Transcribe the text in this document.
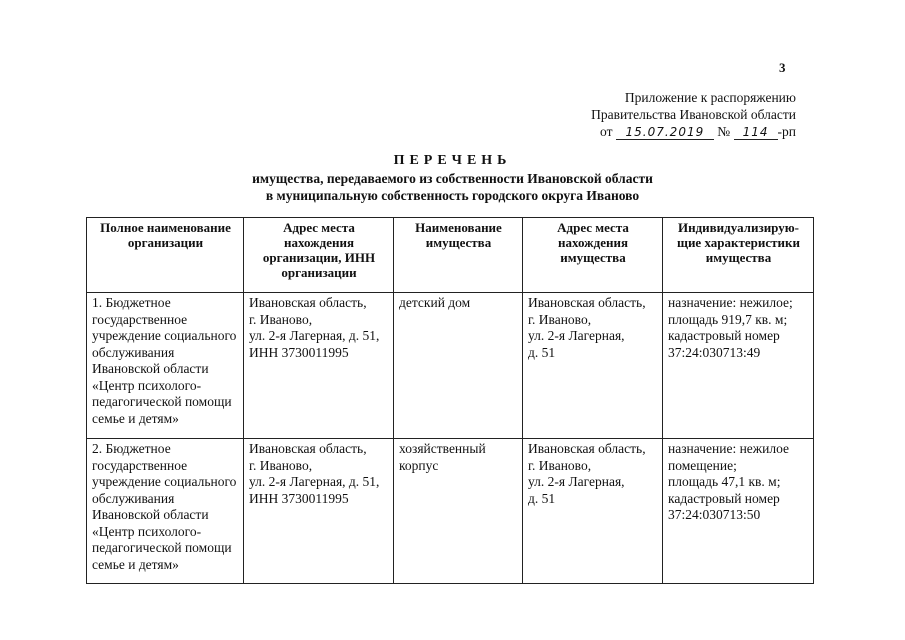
3
Приложение к распоряжению
Правительства Ивановской области
от 15.07.2019 № 114 -рп
ПЕРЕЧЕНЬ
имущества, передаваемого из собственности Ивановской области
в муниципальную собственность городского округа Иваново
Полное наименование организации	Адрес места нахождения организации, ИНН организации	Наименование имущества	Адрес места нахождения имущества	Индивидуализирую-щие характеристики имущества
1. Бюджетное государственное учреждение социального обслуживания Ивановской области «Центр психолого-педагогической помощи семье и детям»	Ивановская область,
г. Иваново,
ул. 2-я Лагерная, д. 51,
ИНН 3730011995	детский дом	Ивановская область,
г. Иваново,
ул. 2-я Лагерная,
д. 51	назначение: нежилое;
площадь 919,7 кв. м;
кадастровый номер
37:24:030713:49
2. Бюджетное государственное учреждение социального обслуживания Ивановской области «Центр психолого-педагогической помощи семье и детям»	Ивановская область,
г. Иваново,
ул. 2-я Лагерная, д. 51,
ИНН 3730011995	хозяйственный корпус	Ивановская область,
г. Иваново,
ул. 2-я Лагерная,
д. 51	назначение: нежилое помещение;
площадь 47,1 кв. м;
кадастровый номер
37:24:030713:50
